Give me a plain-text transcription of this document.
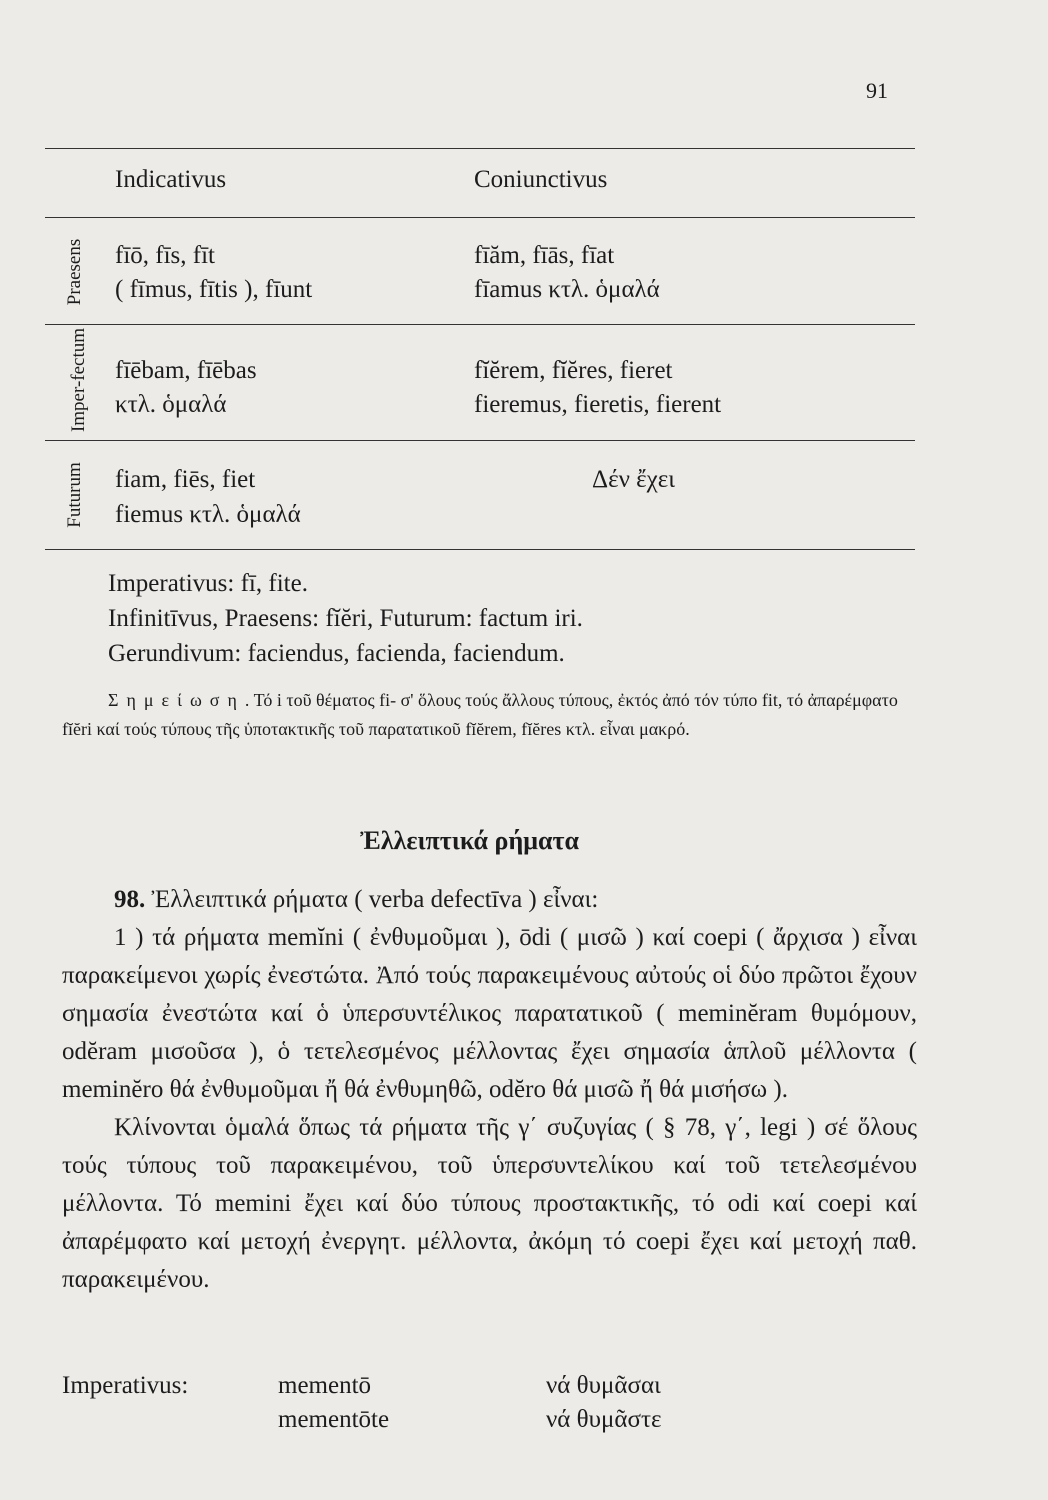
91
Indicativus	Coniunctivus
Praesens fīō, fīs, fīt
( fīmus, fītis ), fīunt
fīăm, fīās, fīat
fīamus κτλ. ὁμαλά
Imper-fectum fīēbam, fīēbas
κτλ. ὁμαλά
fĭĕrem, fĭĕres, fieret
fieremus, fieretis, fierent
Futurum fiam, fiēs, fiet
fiemus κτλ. ὁμαλά
Δέν ἔχει
Imperativus: fī, fite.
Infinitīvus, Praesens: fĭĕri, Futurum: factum iri.
Gerundivum: faciendus, facienda, faciendum.
Σημείωση. Τό i τοῦ θέματος fi- σ' ὅλους τούς ἄλλους τύπους, ἐκτός ἀπό τόν τύπο fit, τό ἀπαρέμφατο fĭĕri καί τούς τύπους τῆς ὑποτακτικῆς τοῦ παρατατικοῦ fĭĕrem, fĭĕres κτλ. εἶναι μακρό.
Ἐλλειπτικά ρήματα

98. Ἐλλειπτικά ρήματα ( verba defectīva ) εἶναι:

1 ) τά ρήματα memĭni ( ἐνθυμοῦμαι ), ōdi ( μισῶ ) καί coepi ( ἄρχισα ) εἶναι παρακείμενοι χωρίς ἐνεστώτα. Ἀπό τούς παρακειμένους αὐτούς οἱ δύο πρῶτοι ἔχουν σημασία ἐνεστώτα καί ὁ ὑπερσυντέλικος παρατατικοῦ ( meminĕram θυμόμουν, odĕram μισοῦσα ), ὁ τετελεσμένος μέλλοντας ἔχει σημασία ἁπλοῦ μέλλοντα ( meminĕro θά ἐνθυμοῦμαι ἤ θά ἐνθυμηθῶ, odĕro θά μισῶ ἤ θά μισήσω ).

Κλίνονται ὁμαλά ὅπως τά ρήματα τῆς γ΄ συζυγίας ( § 78, γ΄, legi ) σέ ὅλους τούς τύπους τοῦ παρακειμένου, τοῦ ὑπερσυντελίκου καί τοῦ τετελεσμένου μέλλοντα. Τό memini ἔχει καί δύο τύπους προστακτικῆς, τό odi καί coepi καί ἀπαρέμφατο καί μετοχή ἐνεργητ. μέλλοντα, ἀκόμη τό coepi ἔχει καί μετοχή παθ. παρακειμένου.

Imperativus:	mementō
mementōte
νά θυμᾶσαι
νά θυμᾶστε
